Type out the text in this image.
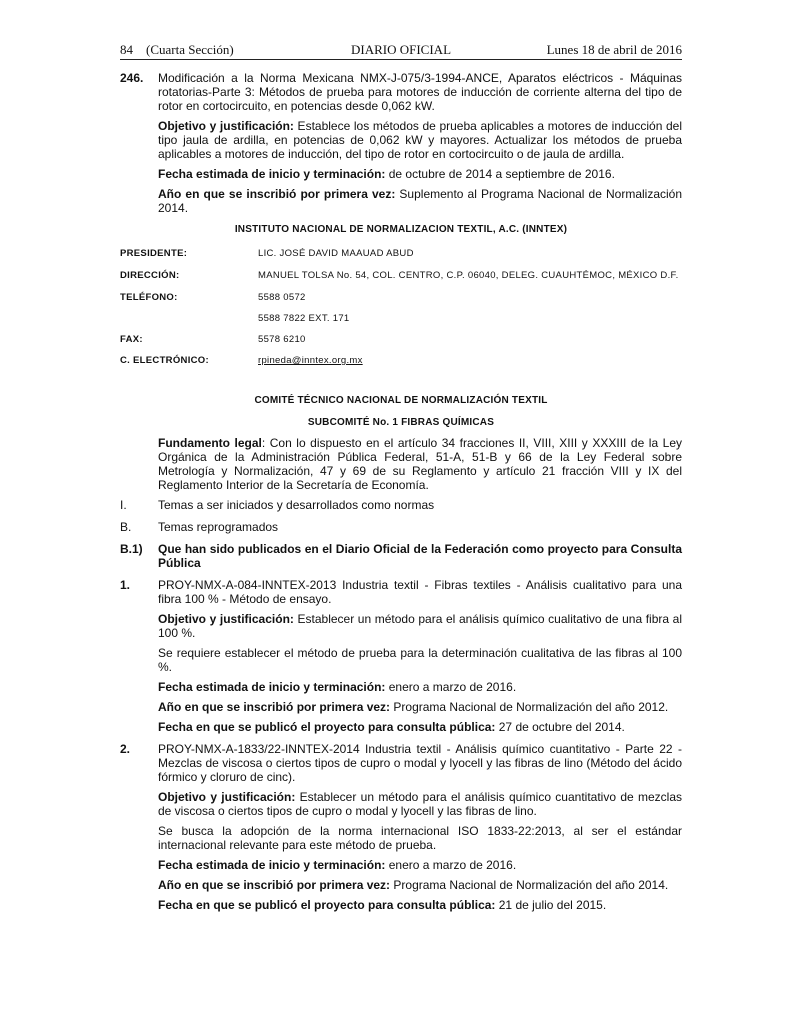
84    (Cuarta Sección)	DIARIO OFICIAL	Lunes 18 de abril de 2016
246. Modificación a la Norma Mexicana NMX-J-075/3-1994-ANCE, Aparatos eléctricos - Máquinas rotatorias-Parte 3: Métodos de prueba para motores de inducción de corriente alterna del tipo de rotor en cortocircuito, en potencias desde 0,062 kW.

Objetivo y justificación: Establece los métodos de prueba aplicables a motores de inducción del tipo jaula de ardilla, en potencias de 0,062 kW y mayores. Actualizar los métodos de prueba aplicables a motores de inducción, del tipo de rotor en cortocircuito o de jaula de ardilla.

Fecha estimada de inicio y terminación: de octubre de 2014 a septiembre de 2016.

Año en que se inscribió por primera vez: Suplemento al Programa Nacional de Normalización 2014.

INSTITUTO NACIONAL DE NORMALIZACION TEXTIL, A.C. (INNTEX)

PRESIDENTE:	LIC. JOSÉ DAVID MAAUAD ABUD
DIRECCIÓN:	MANUEL TOLSA No. 54, COL. CENTRO, C.P. 06040, DELEG. CUAUHTÉMOC, MÉXICO D.F.
TELÉFONO:	5588 0572
5588 7822 EXT. 171
FAX:	5578 6210
C. ELECTRÓNICO:	rpineda@inntex.org.mx

COMITÉ TÉCNICO NACIONAL DE NORMALIZACIÓN TEXTIL

SUBCOMITÉ No. 1 FIBRAS QUÍMICAS

Fundamento legal: Con lo dispuesto en el artículo 34 fracciones II, VIII, XIII y XXXIII de la Ley Orgánica de la Administración Pública Federal, 51-A, 51-B y 66 de la Ley Federal sobre Metrología y Normalización, 47 y 69 de su Reglamento y artículo 21 fracción VIII y IX del Reglamento Interior de la Secretaría de Economía.

I.	Temas a ser iniciados y desarrollados como normas

B. Temas reprogramados

B.1) Que han sido publicados en el Diario Oficial de la Federación como proyecto para Consulta Pública

1. PROY-NMX-A-084-INNTEX-2013 Industria textil - Fibras textiles - Análisis cualitativo para una fibra 100 % - Método de ensayo.

Objetivo y justificación: Establecer un método para el análisis químico cualitativo de una fibra al 100 %.

Se requiere establecer el método de prueba para la determinación cualitativa de las fibras al 100 %.

Fecha estimada de inicio y terminación: enero a marzo de 2016.

Año en que se inscribió por primera vez: Programa Nacional de Normalización del año 2012.

Fecha en que se publicó el proyecto para consulta pública: 27 de octubre del 2014.

2. PROY-NMX-A-1833/22-INNTEX-2014 Industria textil - Análisis químico cuantitativo - Parte 22 - Mezclas de viscosa o ciertos tipos de cupro o modal y lyocell y las fibras de lino (Método del ácido fórmico y cloruro de cinc).

Objetivo y justificación: Establecer un método para el análisis químico cuantitativo de mezclas de viscosa o ciertos tipos de cupro o modal y lyocell y las fibras de lino.

Se busca la adopción de la norma internacional ISO 1833-22:2013, al ser el estándar internacional relevante para este método de prueba.

Fecha estimada de inicio y terminación: enero a marzo de 2016.

Año en que se inscribió por primera vez: Programa Nacional de Normalización del año 2014.

Fecha en que se publicó el proyecto para consulta pública: 21 de julio del 2015.
